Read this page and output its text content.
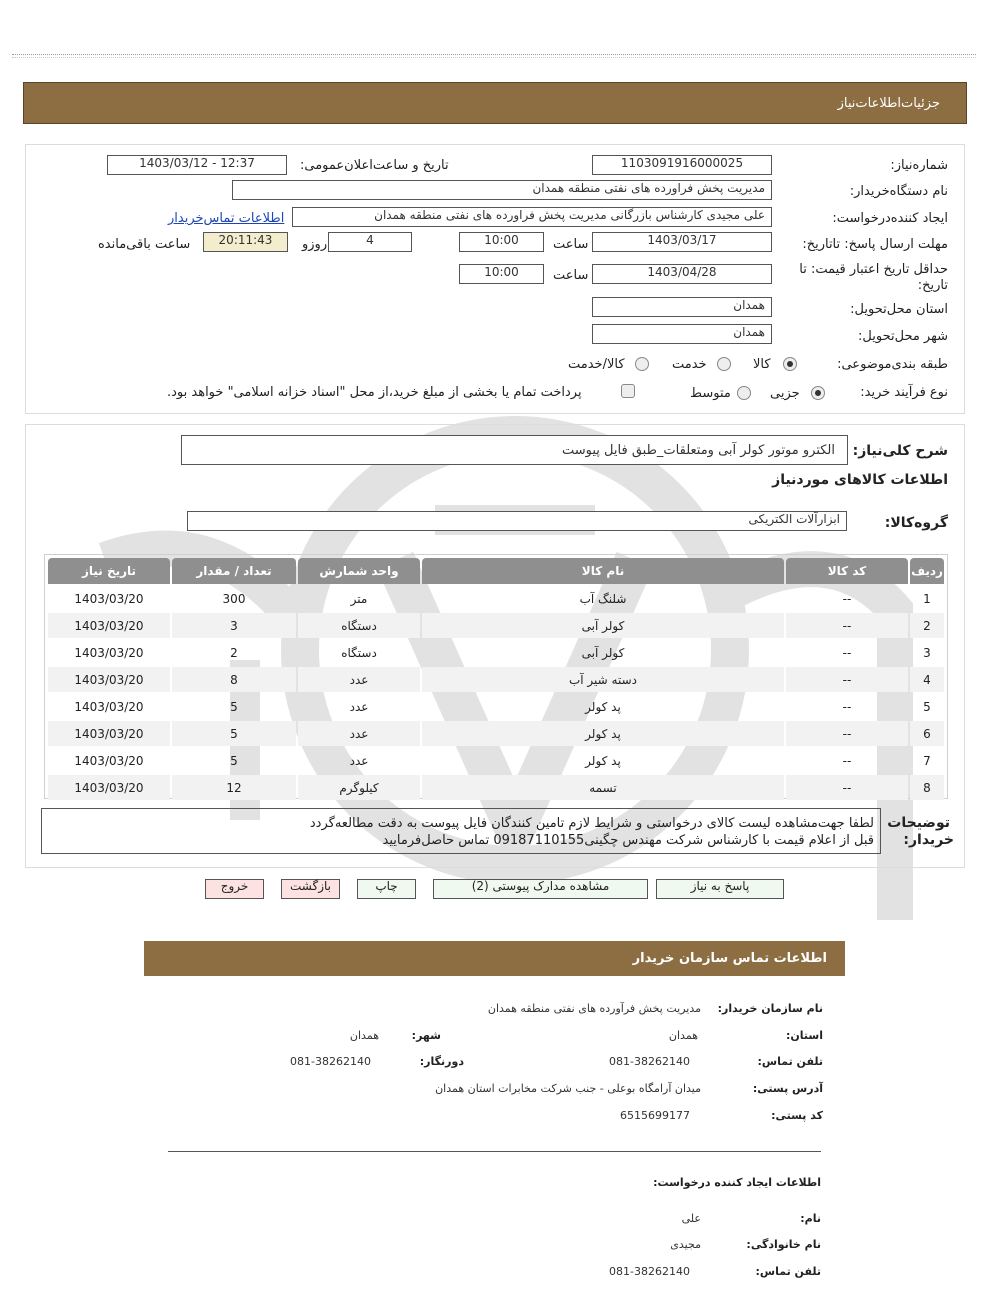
جزئیات‌اطلاعات‌نیاز
شماره‌نیاز:
1103091916000025
تاریخ و ساعت‌اعلان‌عمومی:
1403/03/12 - 12:37
نام دستگاه‌خریدار:
مدیریت پخش فراورده های نفتی منطقه همدان
ایجاد کننده‌درخواست:
علی مجیدی کارشناس بازرگانی مدیریت پخش فراورده های نفتی منطقه همدان
اطلاعات تماس‌خریدار
مهلت ارسال پاسخ: تاتاریخ:
1403/03/17
ساعت
10:00
4
روزو
20:11:43
ساعت باقی‌مانده
حداقل تاریخ اعتبار قیمت: تا تاریخ:
1403/04/28
ساعت
10:00
استان محل‌تحویل:
همدان
شهر محل‌تحویل:
همدان
طبقه بندی‌موضوعی:
کالا
خدمت
کالا/خدمت
نوع فرآیند خرید:
جزیی
متوسط
پرداخت تمام یا بخشی از مبلغ خرید،از محل "اسناد خزانه اسلامی" خواهد بود.
شرح کلی‌نیاز:
الکترو موتور کولر آبی ومتعلقات_طبق فایل پیوست
اطلاعات کالاهای موردنیاز
گروه‌کالا:
ابزارآلات الکتریکی
ردیف	کد کالا	نام کالا	واحد شمارش	تعداد / مقدار	تاریخ نیاز
1	--	شلنگ آب	متر	300	1403/03/20
2	--	کولر آبی	دستگاه	3	1403/03/20
3	--	کولر آبی	دستگاه	2	1403/03/20
4	--	دسته شیر آب	عدد	8	1403/03/20
5	--	پد کولر	عدد	5	1403/03/20
6	--	پد کولر	عدد	5	1403/03/20
7	--	پد کولر	عدد	5	1403/03/20
8	--	تسمه	کیلوگرم	12	1403/03/20
توضیحات
خریدار:
لطفا جهت‌مشاهده لیست کالای درخواستی و شرایط لازم تامین کنندگان فایل پیوست به دقت مطالعه‌گردد
قبل از اعلام قیمت با کارشناس شرکت مهندس چگینی09187110155 تماس حاصل‌فرمایید
پاسخ به نیاز
مشاهده مدارک پیوستی (2)
چاپ
بازگشت
خروج
اطلاعات تماس سازمان خریدار
نام سازمان خریدار:
مدیریت پخش فرآورده های نفتی منطقه همدان
استان:
همدان
شهر:
همدان
تلفن تماس:
081-38262140
دورنگار:
081-38262140
آدرس پستی:
میدان آرامگاه بوعلی - جنب شرکت مخابرات استان همدان
کد پستی:
6515699177
اطلاعات ایجاد کننده درخواست:
نام:
علی
نام خانوادگی:
مجیدی
تلفن تماس:
081-38262140
